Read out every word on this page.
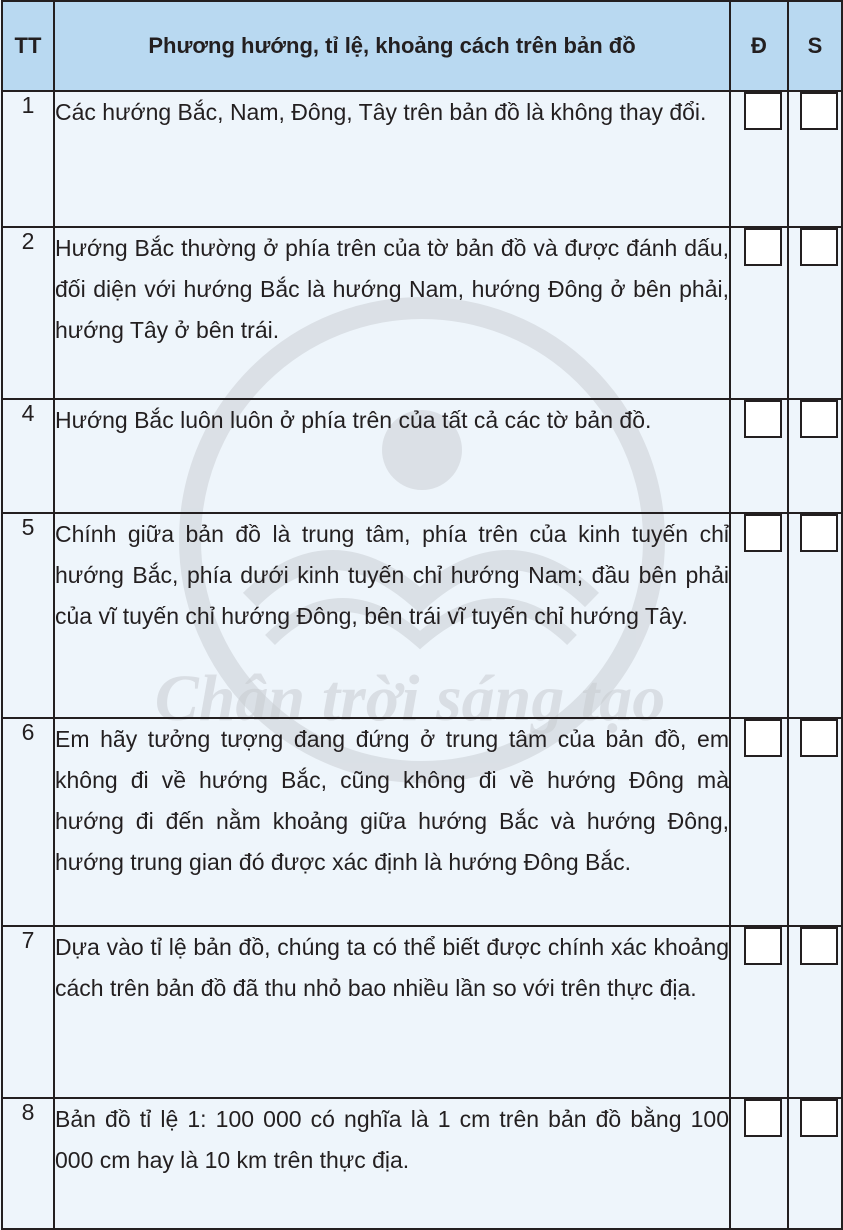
Chân trời sáng tạo
TT	Phương hướng, tỉ lệ, khoảng cách trên bản đồ	Đ	S
1	Các hướng Bắc, Nam, Đông, Tây trên bản đồ là không thay đổi.		
2	Hướng Bắc thường ở phía trên của tờ bản đồ và được đánh dấu, đối diện với hướng Bắc là hướng Nam, hướng Đông ở bên phải, hướng Tây ở bên trái.		
4	Hướng Bắc luôn luôn ở phía trên của tất cả các tờ bản đồ.		
5	Chính giữa bản đồ là trung tâm, phía trên của kinh tuyến chỉ hướng Bắc, phía dưới kinh tuyến chỉ hướng Nam; đầu bên phải của vĩ tuyến chỉ hướng Đông, bên trái vĩ tuyến chỉ hướng Tây.		
6	Em hãy tưởng tượng đang đứng ở trung tâm của bản đồ, em không đi về hướng Bắc, cũng không đi về hướng Đông mà hướng đi đến nằm khoảng giữa hướng Bắc và hướng Đông, hướng trung gian đó được xác định là hướng Đông Bắc.		
7	Dựa vào tỉ lệ bản đồ, chúng ta có thể biết được chính xác khoảng cách trên bản đồ đã thu nhỏ bao nhiều lần so với trên thực địa.		
8	Bản đồ tỉ lệ 1: 100 000 có nghĩa là 1 cm trên bản đồ bằng 100 000 cm hay là 10 km trên thực địa.		
